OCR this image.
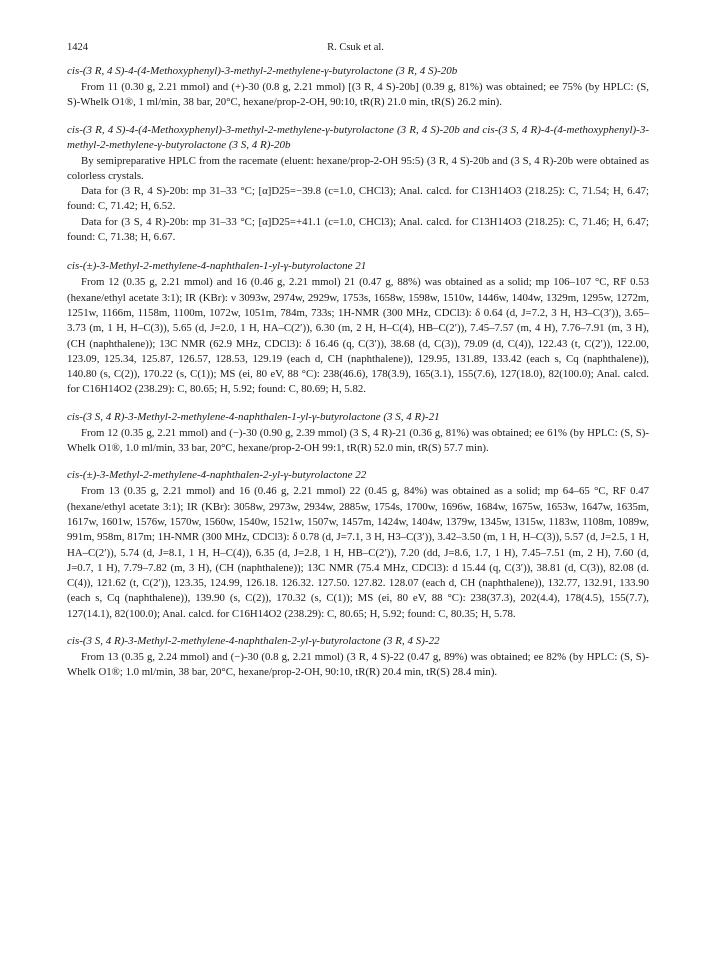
1424	R. Csuk et al.

cis-(3 R, 4 S)-4-(4-Methoxyphenyl)-3-methyl-2-methylene-γ-butyrolactone (3 R, 4 S)-20b

From 11 (0.30 g, 2.21 mmol) and (+)-30 (0.8 g, 2.21 mmol) [(3 R, 4 S)-20b] (0.39 g, 81%) was obtained; ee 75% (by HPLC: (S, S)-Whelk O1®, 1 ml/min, 38 bar, 20°C, hexane/prop-2-OH, 90:10, tR(R) 21.0 min, tR(S) 26.2 min).

cis-(3 R, 4 S)-4-(4-Methoxyphenyl)-3-methyl-2-methylene-γ-butyrolactone (3 R, 4 S)-20b and cis-(3 S, 4 R)-4-(4-methoxyphenyl)-3-methyl-2-methylene-γ-butyrolactone (3 S, 4 R)-20b

By semipreparative HPLC from the racemate (eluent: hexane/prop-2-OH 95:5) (3 R, 4 S)-20b and (3 S, 4 R)-20b were obtained as colorless crystals.

Data for (3 R, 4 S)-20b: mp 31–33 °C; [α]D25=−39.8 (c=1.0, CHCl3); Anal. calcd. for C13H14O3 (218.25): C, 71.54; H, 6.47; found: C, 71.42; H, 6.52.

Data for (3 S, 4 R)-20b: mp 31–33 °C; [α]D25=+41.1 (c=1.0, CHCl3); Anal. calcd. for C13H14O3 (218.25): C, 71.46; H, 6.47; found: C, 71.38; H, 6.67.

cis-(±)-3-Methyl-2-methylene-4-naphthalen-1-yl-γ-butyrolactone 21

From 12 (0.35 g, 2.21 mmol) and 16 (0.46 g, 2.21 mmol) 21 (0.47 g, 88%) was obtained as a solid; mp 106–107 °C, RF 0.53 (hexane/ethyl acetate 3:1); IR (KBr): ν 3093w, 2974w, 2929w, 1753s, 1658w, 1598w, 1510w, 1446w, 1404w, 1329m, 1295w, 1272m, 1251w, 1166m, 1158m, 1100m, 1072w, 1051m, 784m, 733s; 1H-NMR (300 MHz, CDCl3): δ 0.64 (d, J=7.2, 3 H, H3–C(3′)), 3.65–3.73 (m, 1 H, H–C(3)), 5.65 (d, J=2.0, 1 H, HA–C(2′)), 6.30 (m, 2 H, H–C(4), HB–C(2′)), 7.45–7.57 (m, 4 H), 7.76–7.91 (m, 3 H), (CH (naphthalene)); 13C NMR (62.9 MHz, CDCl3): δ 16.46 (q, C(3′)), 38.68 (d, C(3)), 79.09 (d, C(4)), 122.43 (t, C(2′)), 122.00, 123.09, 125.34, 125.87, 126.57, 128.53, 129.19 (each d, CH (naphthalene)), 129.95, 131.89, 133.42 (each s, Cq (naphthalene)), 140.80 (s, C(2)), 170.22 (s, C(1)); MS (ei, 80 eV, 88 °C): 238(46.6), 178(3.9), 165(3.1), 155(7.6), 127(18.0), 82(100.0); Anal. calcd. for C16H14O2 (238.29): C, 80.65; H, 5.92; found: C, 80.69; H, 5.82.

cis-(3 S, 4 R)-3-Methyl-2-methylene-4-naphthalen-1-yl-γ-butyrolactone (3 S, 4 R)-21

From 12 (0.35 g, 2.21 mmol) and (−)-30 (0.90 g, 2.39 mmol) (3 S, 4 R)-21 (0.36 g, 81%) was obtained; ee 61% (by HPLC: (S, S)-Whelk O1®, 1.0 ml/min, 33 bar, 20°C, hexane/prop-2-OH 99:1, tR(R) 52.0 min, tR(S) 57.7 min).

cis-(±)-3-Methyl-2-methylene-4-naphthalen-2-yl-γ-butyrolactone 22

From 13 (0.35 g, 2.21 mmol) and 16 (0.46 g, 2.21 mmol) 22 (0.45 g, 84%) was obtained as a solid; mp 64–65 °C, RF 0.47 (hexane/ethyl acetate 3:1); IR (KBr): 3058w, 2973w, 2934w, 2885w, 1754s, 1700w, 1696w, 1684w, 1675w, 1653w, 1647w, 1635m, 1617w, 1601w, 1576w, 1570w, 1560w, 1540w, 1521w, 1507w, 1457m, 1424w, 1404w, 1379w, 1345w, 1315w, 1183w, 1108m, 1089w, 991m, 958m, 817m; 1H-NMR (300 MHz, CDCl3): δ 0.78 (d, J=7.1, 3 H, H3–C(3′)), 3.42–3.50 (m, 1 H, H–C(3)), 5.57 (d, J=2.5, 1 H, HA–C(2′)), 5.74 (d, J=8.1, 1 H, H–C(4)), 6.35 (d, J=2.8, 1 H, HB–C(2′)), 7.20 (dd, J=8.6, 1.7, 1 H), 7.45–7.51 (m, 2 H), 7.60 (d, J=0.7, 1 H), 7.79–7.82 (m, 3 H), (CH (naphthalene)); 13C NMR (75.4 MHz, CDCl3): d 15.44 (q, C(3′)), 38.81 (d, C(3)), 82.08 (d. C(4)), 121.62 (t, C(2′)), 123.35, 124.99, 126.18. 126.32. 127.50. 127.82. 128.07 (each d, CH (naphthalene)), 132.77, 132.91, 133.90 (each s, Cq (naphthalene)), 139.90 (s, C(2)), 170.32 (s, C(1)); MS (ei, 80 eV, 88 °C): 238(37.3), 202(4.4), 178(4.5), 155(7.7), 127(14.1), 82(100.0); Anal. calcd. for C16H14O2 (238.29): C, 80.65; H, 5.92; found: C, 80.35; H, 5.78.

cis-(3 S, 4 R)-3-Methyl-2-methylene-4-naphthalen-2-yl-γ-butyrolactone (3 R, 4 S)-22

From 13 (0.35 g, 2.24 mmol) and (−)-30 (0.8 g, 2.21 mmol) (3 R, 4 S)-22 (0.47 g, 89%) was obtained; ee 82% (by HPLC: (S, S)-Whelk O1®; 1.0 ml/min, 38 bar, 20°C, hexane/prop-2-OH, 90:10, tR(R) 20.4 min, tR(S) 28.4 min).
